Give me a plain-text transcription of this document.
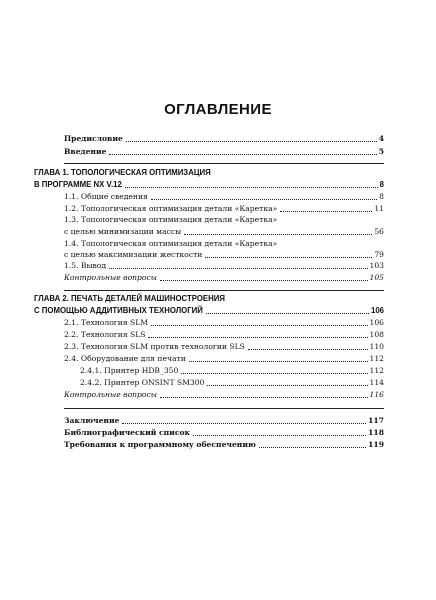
ОГЛАВЛЕНИЕ
Предисловие	4
Введение	5
ГЛАВА 1. ТОПОЛОГИЧЕСКАЯ ОПТИМИЗАЦИЯ
В ПРОГРАММЕ NX V.12	8
1.1. Общие сведения	8
1.2. Топологическая оптимизация детали «Каретка»	11
1.3. Топологическая оптимизация детали «Каретка»
с целью минимизации массы	56
1.4. Топологическая оптимизация детали «Каретка»
с целью максимизации жесткости	79
1.5. Вывод	103
Контрольные вопросы	105
ГЛАВА 2. ПЕЧАТЬ ДЕТАЛЕЙ МАШИНОСТРОЕНИЯ
С ПОМОЩЬЮ АДДИТИВНЫХ ТЕХНОЛОГИЙ	106
2.1. Технология SLM	106
2.2. Технология SLS	108
2.3. Технология SLM против технологии SLS	110
2.4. Оборудование для печати	112
2.4.1. Принтер HDB_350	112
2.4.2. Принтер ONSINT SM300	114
Контрольные вопросы	116
Заключение	117
Библиографический список	118
Требования к программному обеспечению	119
